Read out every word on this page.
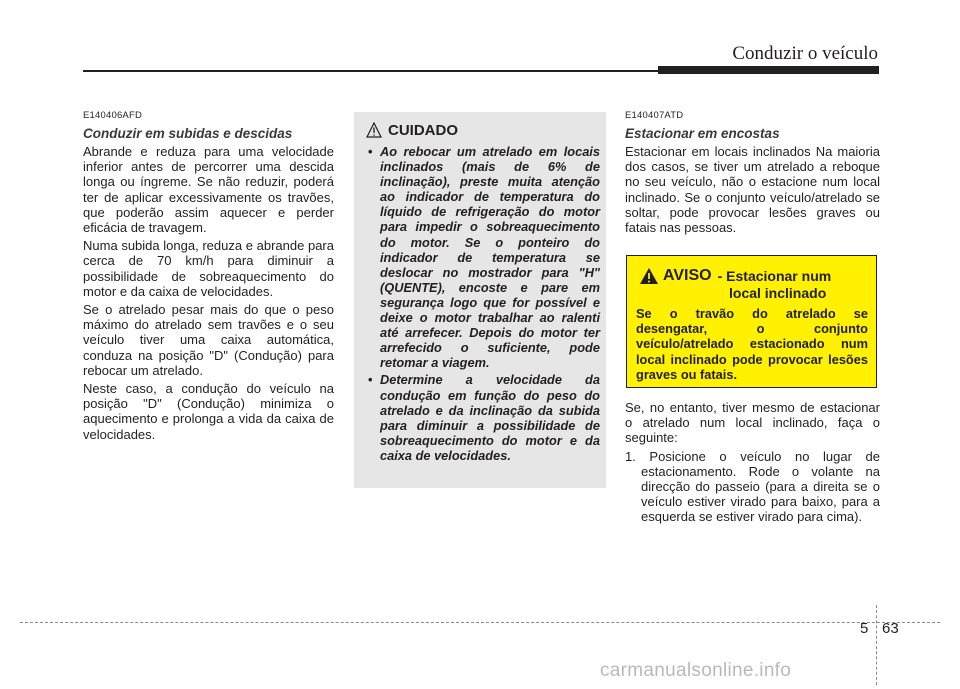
Conduzir o veículo
E140406AFD
Conduzir em subidas e descidas

Abrande e reduza para uma velocidade inferior antes de percorrer uma descida longa ou íngreme. Se não reduzir, poderá ter de aplicar excessivamente os travões, que poderão assim aquecer e perder eficácia de travagem.

Numa subida longa, reduza e abrande para cerca de 70 km/h para diminuir a possibilidade de sobreaquecimento do motor e da caixa de velocidades.

Se o atrelado pesar mais do que o peso máximo do atrelado sem travões e o seu veículo tiver uma caixa automática, conduza na posição "D" (Condução) para rebocar um atrelado.

Neste caso, a condução do veículo na posição "D" (Condução) minimiza o aquecimento e prolonga a vida da caixa de velocidades.

CUIDADO
• Ao rebocar um atrelado em locais inclinados (mais de 6% de inclinação), preste muita atenção ao indicador de temperatura do líquido de refrigeração do motor para impedir o sobreaquecimento do motor. Se o ponteiro do indicador de temperatura se deslocar no mostrador para "H" (QUENTE), encoste e pare em segurança logo que for possível e deixe o motor trabalhar ao ralenti até arrefecer. Depois do motor ter arrefecido o suficiente, pode retomar a viagem.
• Determine a velocidade da condução em função do peso do atrelado e da inclinação da subida para diminuir a possibilidade de sobreaquecimento do motor e da caixa de velocidades.
E140407ATD
Estacionar em encostas

Estacionar em locais inclinados Na maioria dos casos, se tiver um atrelado a reboque no seu veículo, não o estacione num local inclinado. Se o conjunto veículo/atrelado se soltar, pode provocar lesões graves ou fatais nas pessoas.

AVISO - Estacionar num
local inclinado
Se o travão do atrelado se desengatar, o conjunto veículo/atrelado estacionado num local inclinado pode provocar lesões graves ou fatais.

Se, no entanto, tiver mesmo de estacionar o atrelado num local inclinado, faça o seguinte:

1. Posicione o veículo no lugar de estacionamento. Rode o volante na direcção do passeio (para a direita se o veículo estiver virado para baixo, para a esquerda se estiver virado para cima).

5 63
carmanualsonline.info
